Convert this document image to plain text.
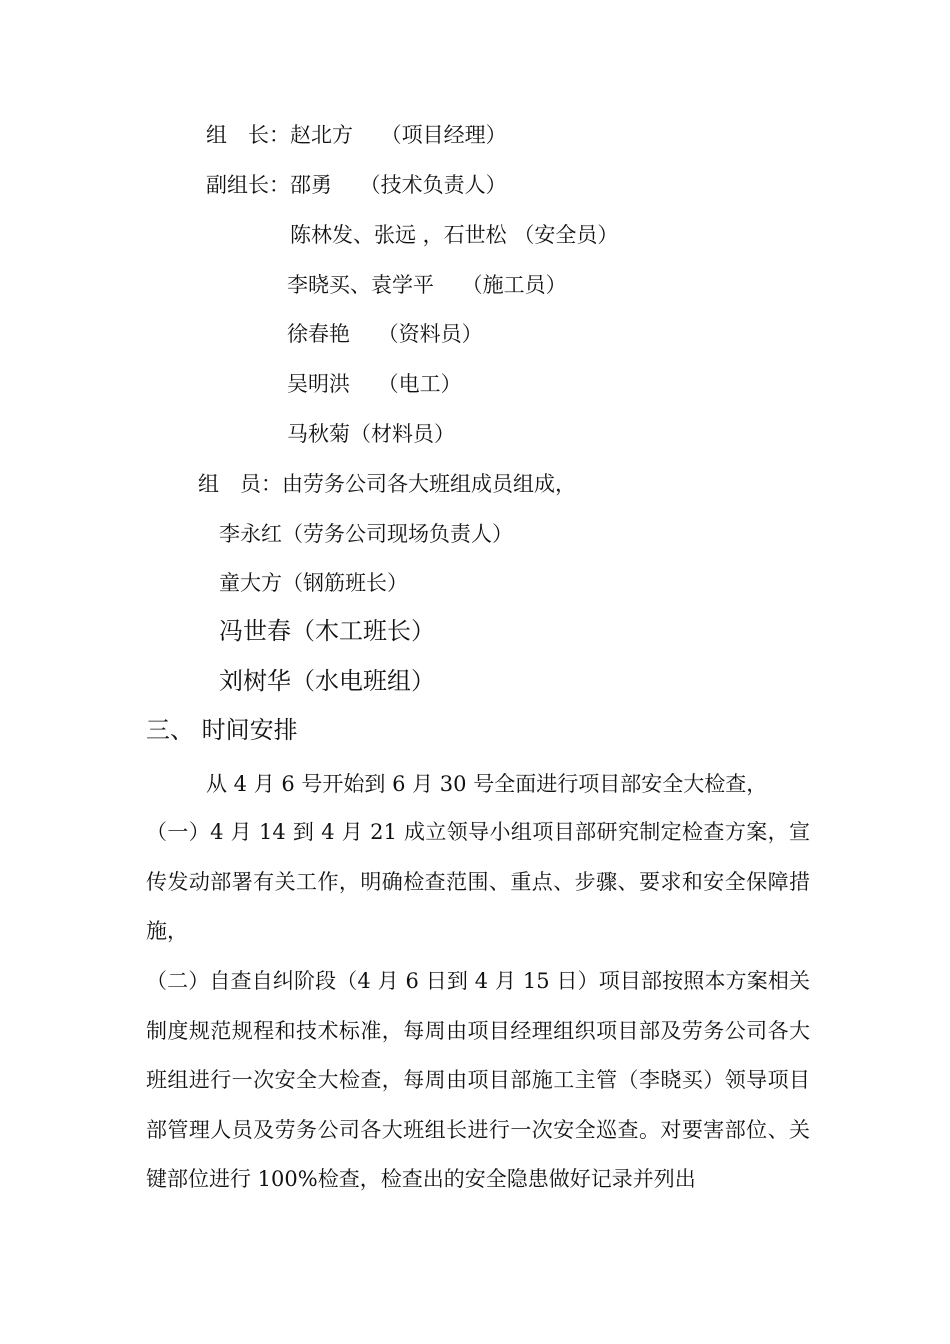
组　长：赵北方　 （项目经理）
副组长：邵勇　 （技术负责人）
陈林发、张远 ，石世松 （安全员）
李晓买、袁学平　 （施工员）
徐春艳　 （资料员）
吴明洪　 （电工）
马秋菊（材料员）
组　员：由劳务公司各大班组成员组成，
李永红（劳务公司现场负责人）
童大方（钢筋班长）
冯世春（木工班长）
刘树华（水电班组）
三、 时间安排
从 4 月 6 号开始到 6 月 30 号全面进行项目部安全大检查，
（一）4 月 14 到 4 月 21 成立领导小组项目部研究制定检查方案，宣传发动部署有关工作，明确检查范围、重点、步骤、要求和安全保障措施，
（二）自查自纠阶段（4 月 6 日到 4 月 15 日）项目部按照本方案相关制度规范规程和技术标准，每周由项目经理组织项目部及劳务公司各大班组进行一次安全大检查，每周由项目部施工主管（李晓买）领导项目部管理人员及劳务公司各大班组长进行一次安全巡查。对要害部位、关键部位进行 100%检查，检查出的安全隐患做好记录并列出
